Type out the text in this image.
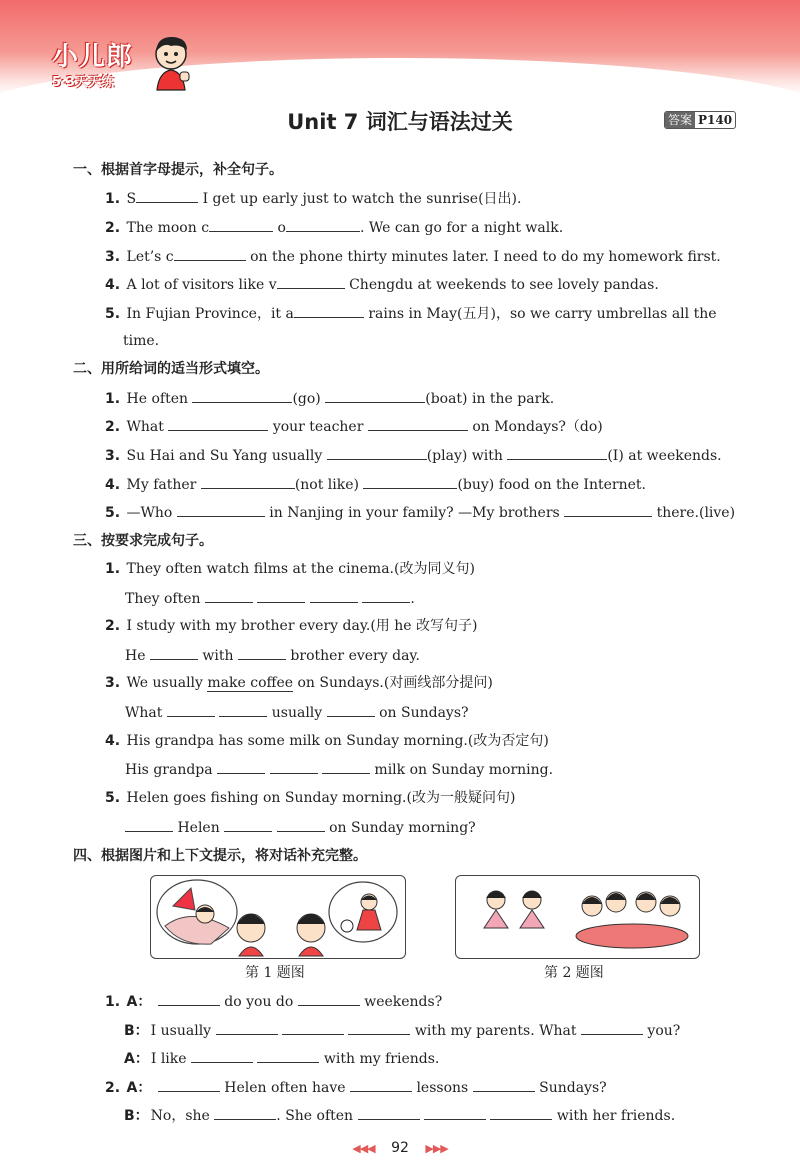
小儿郎
5·3天天练
Unit 7 词汇与语法过关	答案 P140
一、根据首字母提示，补全句子。
1. S	I get up early just to watch the sunrise(日出).
2. The moon c	o	. We can go for a night walk.
3. Let’s c	on the phone thirty minutes later. I need to do my homework first.
4. A lot of visitors like v	Chengdu at weekends to see lovely pandas.
5. In Fujian Province，it a	rains in May(五月)，so we carry umbrellas all the
time.
二、用所给词的适当形式填空。
1. He often	(go)	(boat) in the park.
2. What	your teacher	on Mondays?（do)
3. Su Hai and Su Yang usually	(play) with	(I) at weekends.
4. My father	(not like)	(buy) food on the Internet.
5. —Who	in Nanjing in your family? —My brothers	there.(live)
三、按要求完成句子。
1. They often watch films at the cinema.(改为同义句)
They often	.
2. I study with my brother every day.(用 he 改写句子)
He	with	brother every day.
3. We usually make coffee on Sundays.(对画线部分提问)
What	usually	on Sundays?
4. His grandpa has some milk on Sunday morning.(改为否定句)
His grandpa	milk on Sunday morning.
5. Helen goes fishing on Sunday morning.(改为一般疑问句)
Helen	on Sunday morning?
四、根据图片和上下文提示，将对话补充完整。
第 1 题图	第 2 题图
1. A：	do you do	weekends?
B： I usually	with my parents. What	you?
A： I like	with my friends.
2. A：	Helen often have	lessons	Sundays?
B： No，she	. She often	with her friends.
◀◀◀ 92 ▶▶▶
